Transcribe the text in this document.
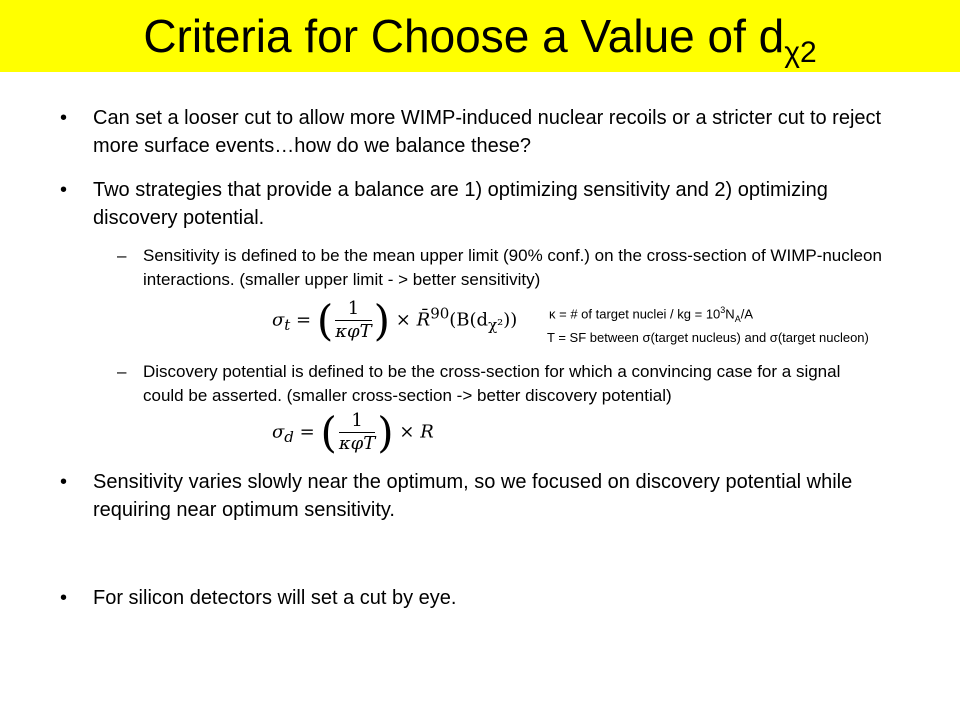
Criteria for Choose a Value of $d_{\chi 2}$
• Can set a looser cut to allow more WIMP-induced nuclear recoils or a stricter cut to reject more surface events…how do we balance these?
• Two strategies that provide a balance are 1) optimizing sensitivity and 2) optimizing discovery potential.
– Sensitivity is defined to be the mean upper limit (90% conf.) on the cross-section of WIMP-nucleon interactions. (smaller upper limit - > better sensitivity)
κ = # of target nuclei / kg = $10^3N_A/A$
T = SF between σ(target nucleus) and σ(target nucleon)
$\sigma_t$ = ( $\frac{1}{\text{κφT}}$ ) × $R̄^{90}(B(d_{\chi^2}))$
– Discovery potential is defined to be the cross-section for which a convincing case for a signal could be asserted. (smaller cross-section -> better discovery potential)
$\sigma_d$ = ( $\frac{1}{\text{κφT}}$ ) × R
• Sensitivity varies slowly near the optimum, so we focused on discovery potential while requiring near optimum sensitivity.
• For silicon detectors will set a cut by eye.
